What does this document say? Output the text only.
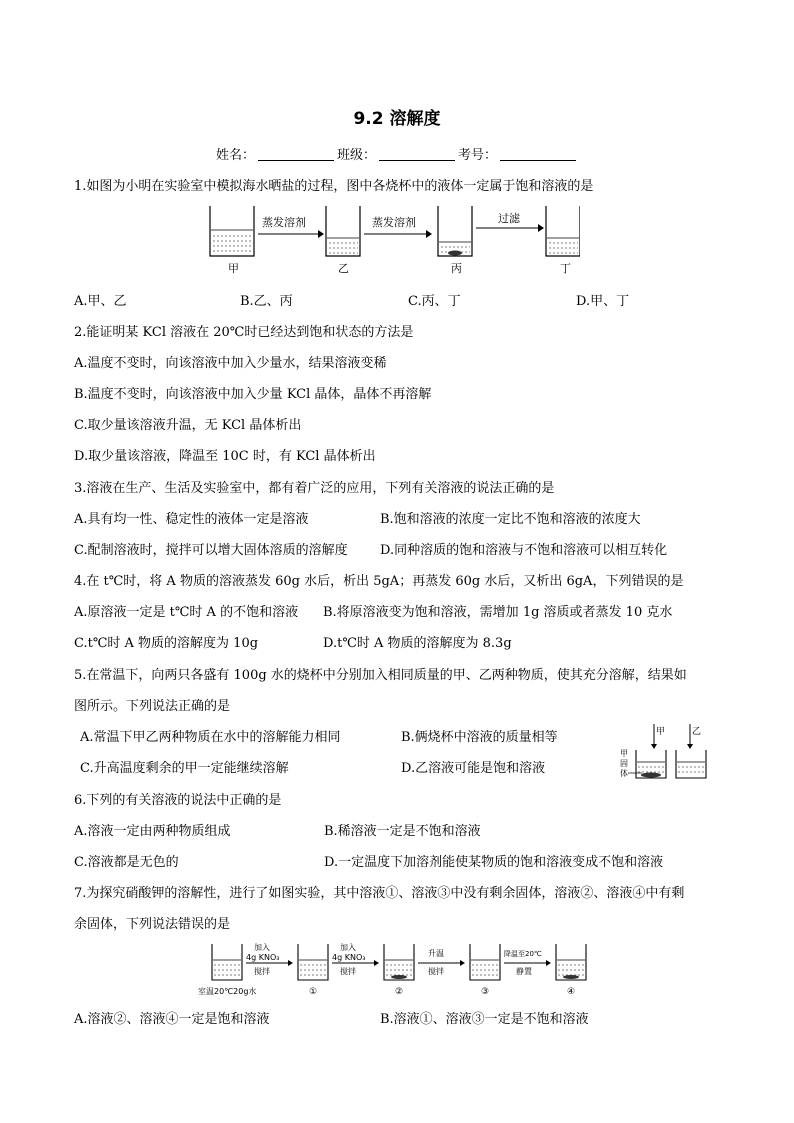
9.2 溶解度
姓名：	班级：	考号：
1.如图为小明在实验室中模拟海水晒盐的过程，图中各烧杯中的液体一定属于饱和溶液的是
蒸发溶剂	蒸发溶剂	过滤
甲	乙	丙	丁
A.甲、乙	B.乙、丙	C.丙、丁	D.甲、丁
2.能证明某 KCl 溶液在 20℃时已经达到饱和状态的方法是
A.温度不变时，向该溶液中加入少量水，结果溶液变稀
B.温度不变时，向该溶液中加入少量 KCl 晶体，晶体不再溶解
C.取少量该溶液升温，无 KCl 晶体析出
D.取少量该溶液，降温至 10C 时，有 KCl 晶体析出
3.溶液在生产、生活及实验室中，都有着广泛的应用，下列有关溶液的说法正确的是
A.具有均一性、稳定性的液体一定是溶液	B.饱和溶液的浓度一定比不饱和溶液的浓度大
C.配制溶液时，搅拌可以增大固体溶质的溶解度 D.同种溶质的饱和溶液与不饱和溶液可以相互转化
4.在 t℃时，将 A 物质的溶液蒸发 60g 水后，析出 5gA；再蒸发 60g 水后，又析出 6gA，下列错误的是
A.原溶液一定是 t℃时 A 的不饱和溶液 B.将原溶液变为饱和溶液，需增加 1g 溶质或者蒸发 10 克水
C.t℃时 A 物质的溶解度为 10g	D.t℃时 A 物质的溶解度为 8.3g
5.在常温下，向两只各盛有 100g 水的烧杯中分别加入相同质量的甲、乙两种物质，使其充分溶解，结果如
图所示。下列说法正确的是
A.常温下甲乙两种物质在水中的溶解能力相同	B.俩烧杯中溶液的质量相等
C.升高温度剩余的甲一定能继续溶解	D.乙溶液可能是饱和溶液
甲	乙
甲
固
体
6.下列的有关溶液的说法中正确的是
A.溶液一定由两种物质组成	B.稀溶液一定是不饱和溶液
C.溶液都是无色的	D.一定温度下加溶剂能使某物质的饱和溶液变成不饱和溶液
7.为探究硝酸钾的溶解性，进行了如图实验，其中溶液①、溶液③中没有剩余固体，溶液②、溶液④中有剩
余固体，下列说法错误的是
室温20℃20g水
加入
4g KNO₃
搅拌
①
加入
4g KNO₃
搅拌
②
升温
搅拌
③
降温至20℃
静置
④
A.溶液②、溶液④一定是饱和溶液	B.溶液①、溶液③一定是不饱和溶液
